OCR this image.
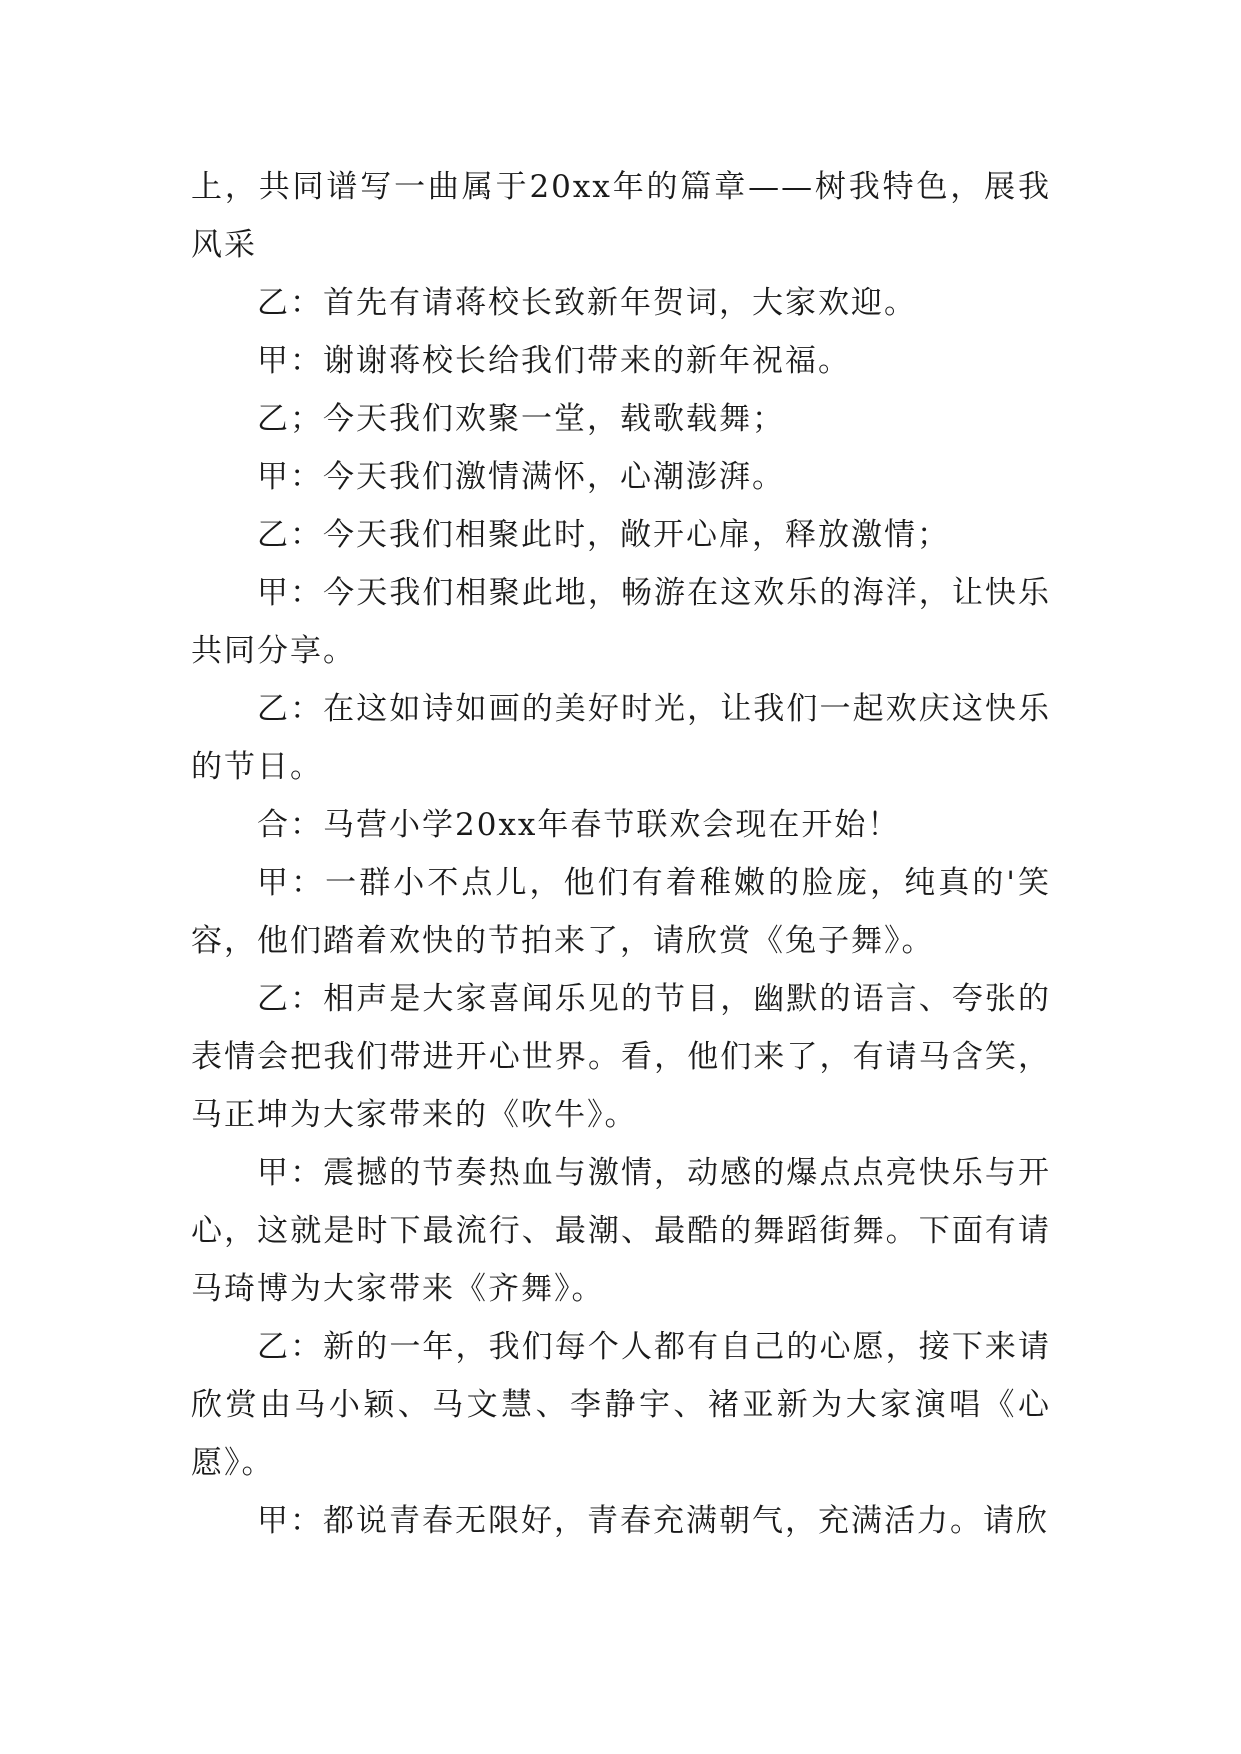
上，共同谱写一曲属于20xx年的篇章——树我特色，展我风采

乙：首先有请蒋校长致新年贺词，大家欢迎。

甲：谢谢蒋校长给我们带来的新年祝福。

乙；今天我们欢聚一堂，载歌载舞；

甲：今天我们激情满怀，心潮澎湃。

乙：今天我们相聚此时，敞开心扉，释放激情；

甲：今天我们相聚此地，畅游在这欢乐的海洋，让快乐共同分享。

乙：在这如诗如画的美好时光，让我们一起欢庆这快乐的节日。

合：马营小学20xx年春节联欢会现在开始！

甲：一群小不点儿，他们有着稚嫩的脸庞，纯真的'笑容，他们踏着欢快的节拍来了，请欣赏《兔子舞》。

乙：相声是大家喜闻乐见的节目，幽默的语言、夸张的表情会把我们带进开心世界。看，他们来了，有请马含笑，马正坤为大家带来的《吹牛》。

甲：震撼的节奏热血与激情，动感的爆点点亮快乐与开心，这就是时下最流行、最潮、最酷的舞蹈街舞。下面有请马琦博为大家带来《齐舞》。

乙：新的一年，我们每个人都有自己的心愿，接下来请欣赏由马小颖、马文慧、李静宇、褚亚新为大家演唱《心愿》。

甲：都说青春无限好，青春充满朝气，充满活力。请欣
